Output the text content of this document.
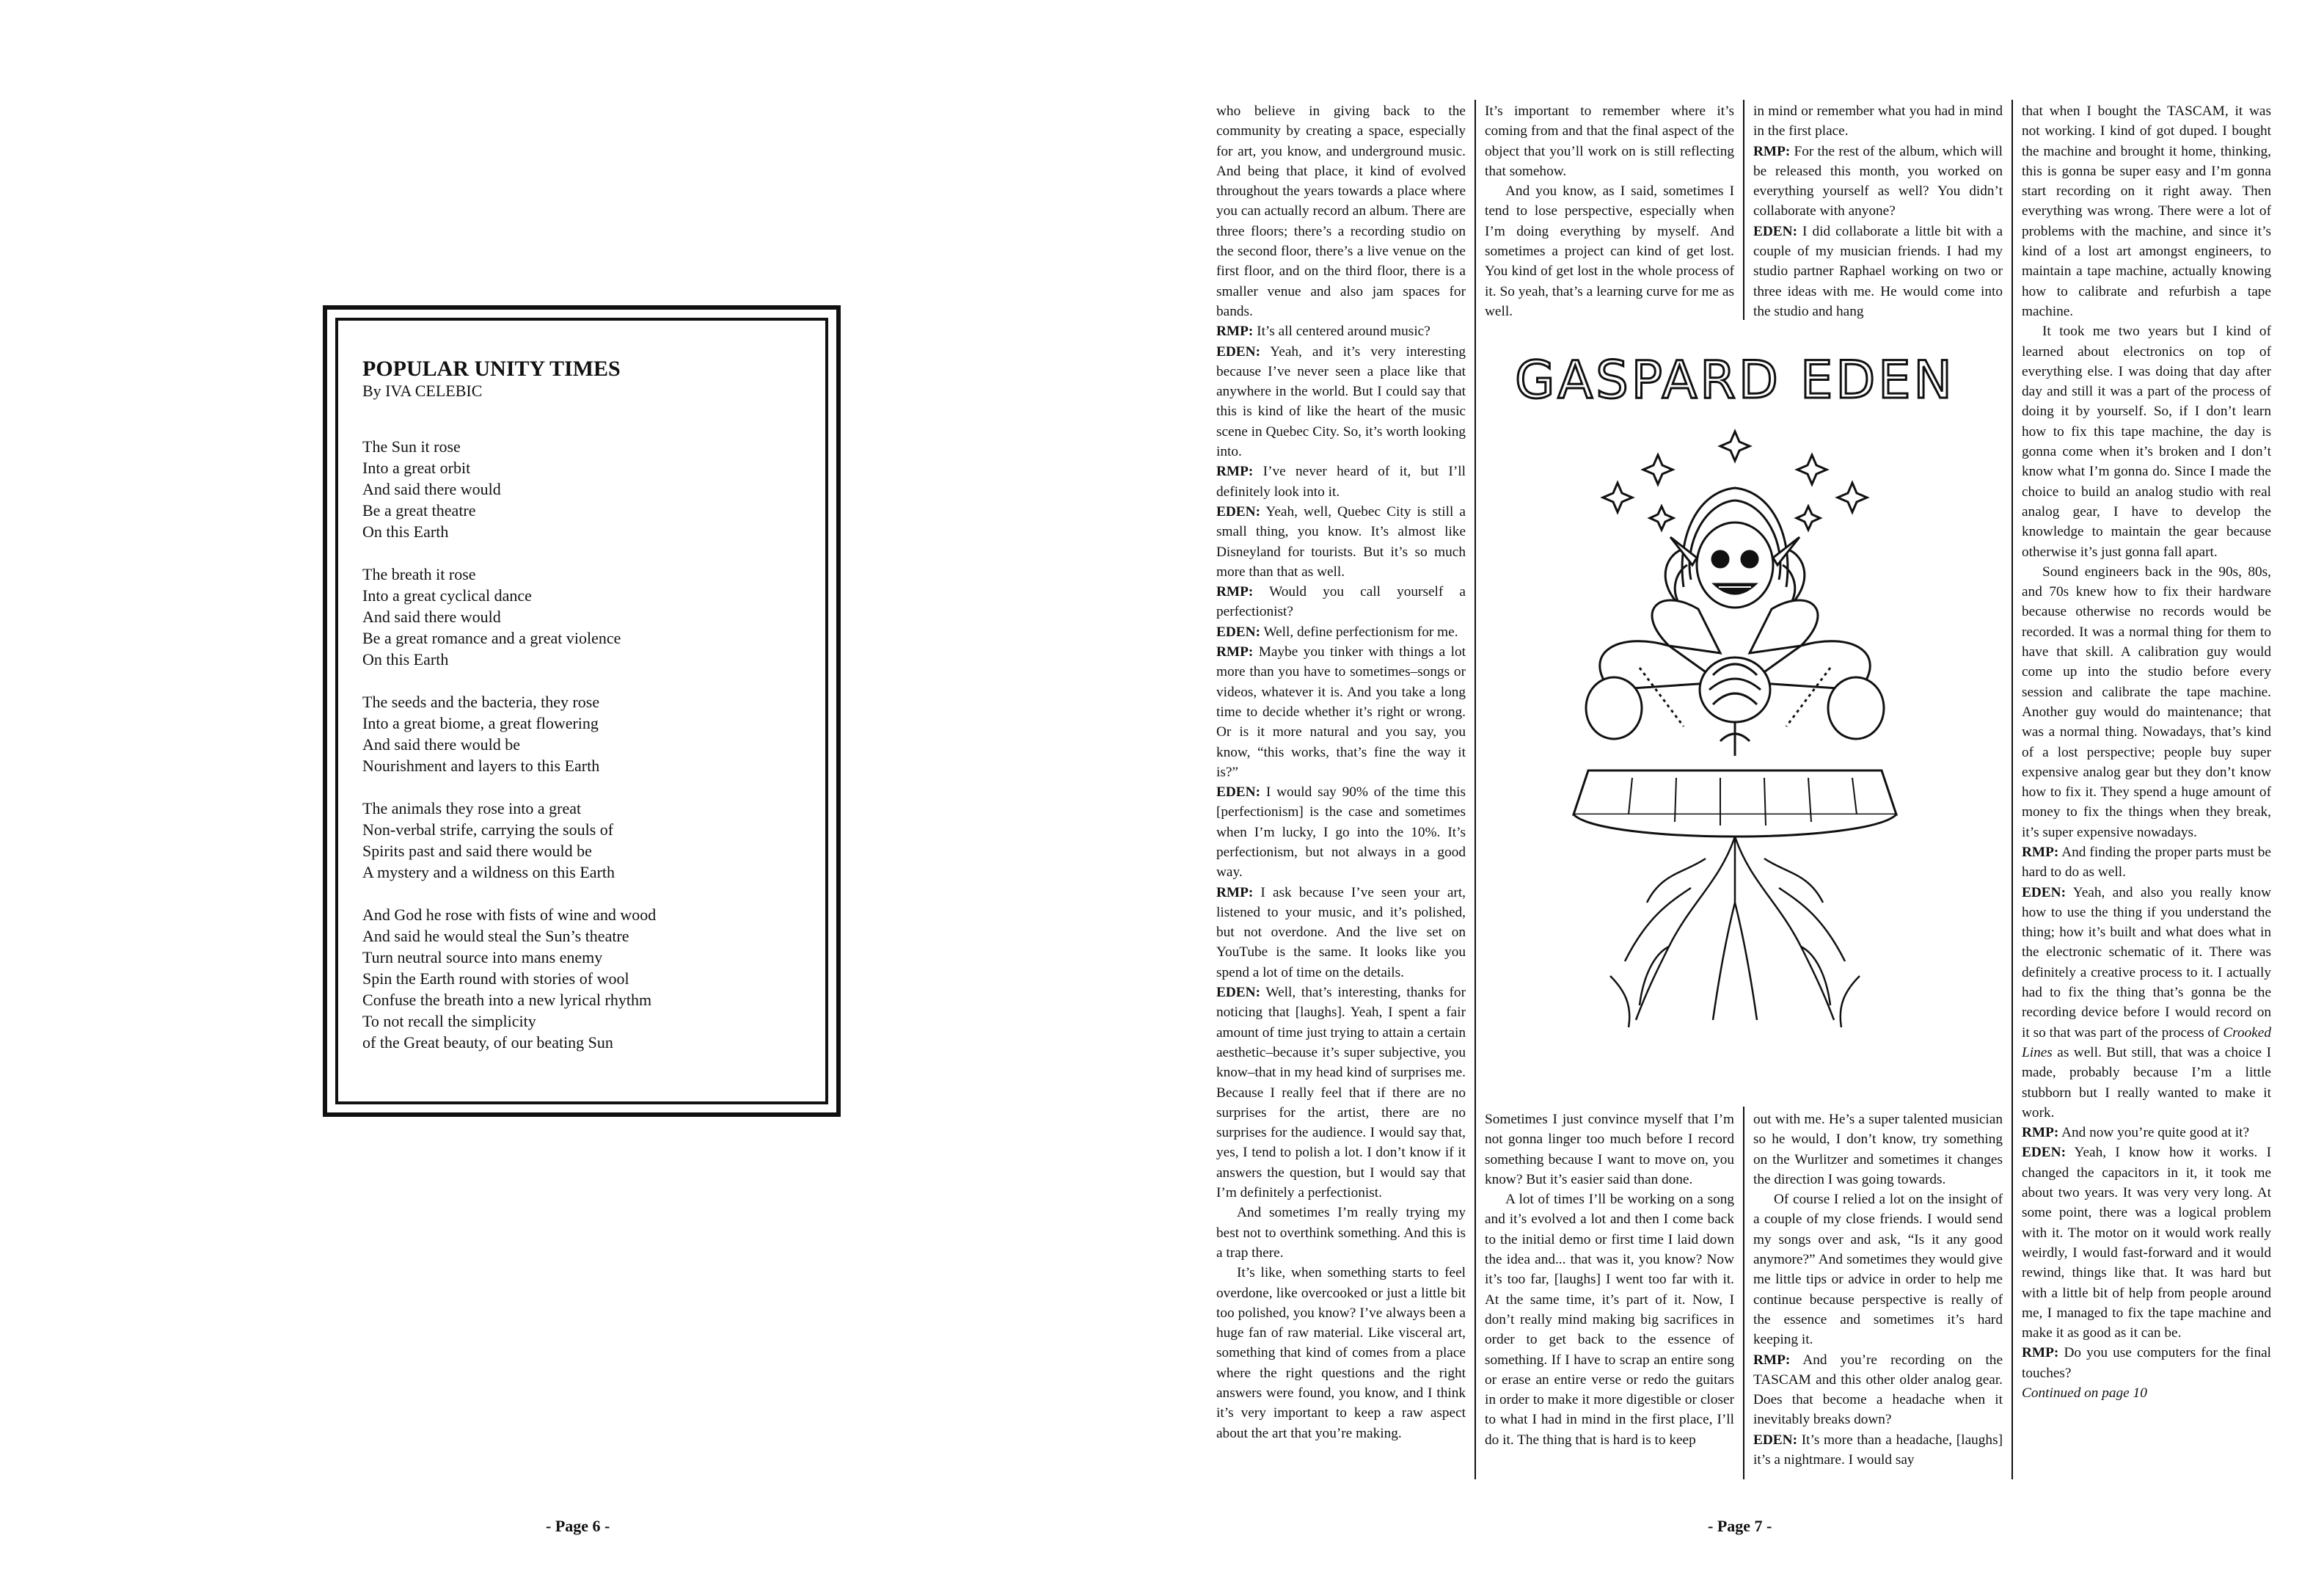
POPULAR UNITY TIMES
By IVA CELEBIC
The Sun it rose
Into a great orbit
And said there would
Be a great theatre
On this Earth
The breath it rose
Into a great cyclical dance
And said there would
Be a great romance and a great violence
On this Earth
The seeds and the bacteria, they rose
Into a great biome, a great flowering
And said there would be
Nourishment and layers to this Earth
The animals they rose into a great
Non-verbal strife, carrying the souls of
Spirits past and said there would be
A mystery and a wildness on this Earth
And God he rose with fists of wine and wood
And said he would steal the Sun’s theatre
Turn neutral source into mans enemy
Spin the Earth round with stories of wool
Confuse the breath into a new lyrical rhythm
To not recall the simplicity
of the Great beauty, of our beating Sun
- Page 6 -

who believe in giving back to the community by creating a space, especially for art, you know, and underground music. And being that place, it kind of evolved throughout the years towards a place where you can actually record an album. There are three floors; there’s a recording studio on the second floor, there’s a live venue on the first floor, and on the third floor, there is a smaller venue and also jam spaces for bands.

RMP: It’s all centered around music?

EDEN: Yeah, and it’s very interesting because I’ve never seen a place like that anywhere in the world. But I could say that this is kind of like the heart of the music scene in Quebec City. So, it’s worth looking into.

RMP: I’ve never heard of it, but I’ll definitely look into it.

EDEN: Yeah, well, Quebec City is still a small thing, you know. It’s almost like Disneyland for tourists. But it’s so much more than that as well.

RMP: Would you call yourself a perfectionist?

EDEN: Well, define perfectionism for me.

RMP: Maybe you tinker with things a lot more than you have to sometimes–songs or videos, whatever it is. And you take a long time to decide whether it’s right or wrong. Or is it more natural and you say, you know, “this works, that’s fine the way it is?”

EDEN: I would say 90% of the time this [perfectionism] is the case and sometimes when I’m lucky, I go into the 10%. It’s perfectionism, but not always in a good way.

RMP: I ask because I’ve seen your art, listened to your music, and it’s polished, but not overdone. And the live set on YouTube is the same. It looks like you spend a lot of time on the details.

EDEN: Well, that’s interesting, thanks for noticing that [laughs]. Yeah, I spent a fair amount of time just trying to attain a certain aesthetic–because it’s super subjective, you know–that in my head kind of surprises me. Because I really feel that if there are no surprises for the artist, there are no surprises for the audience. I would say that, yes, I tend to polish a lot. I don’t know if it answers the question, but I would say that I’m definitely a perfectionist.

And sometimes I’m really trying my best not to overthink something. And this is a trap there.

It’s like, when something starts to feel overdone, like overcooked or just a little bit too polished, you know? I’ve always been a huge fan of raw material. Like visceral art, something that kind of comes from a place where the right questions and the right answers were found, you know, and I think it’s very important to keep a raw aspect about the art that you’re making.

It’s important to remember where it’s coming from and that the final aspect of the object that you’ll work on is still reflecting that somehow.

And you know, as I said, sometimes I tend to lose perspective, especially when I’m doing everything by myself. And sometimes a project can kind of get lost. You kind of get lost in the whole process of it. So yeah, that’s a learning curve for me as well.

in mind or remember what you had in mind in the first place.

RMP: For the rest of the album, which will be released this month, you worked on everything yourself as well? You didn’t collaborate with anyone?

EDEN: I did collaborate a little bit with a couple of my musician friends. I had my studio partner Raphael working on two or three ideas with me. He would come into the studio and hang

Sometimes I just convince myself that I’m not gonna linger too much before I record something because I want to move on, you know? But it’s easier said than done.

A lot of times I’ll be working on a song and it’s evolved a lot and then I come back to the initial demo or first time I laid down the idea and... that was it, you know? Now it’s too far, [laughs] I went too far with it. At the same time, it’s part of it. Now, I don’t really mind making big sacrifices in order to get back to the essence of something. If I have to scrap an entire song or erase an entire verse or redo the guitars in order to make it more digestible or closer to what I had in mind in the first place, I’ll do it. The thing that is hard is to keep

out with me. He’s a super talented musician so he would, I don’t know, try something on the Wurlitzer and sometimes it changes the direction I was going towards.

Of course I relied a lot on the insight of a couple of my close friends. I would send my songs over and ask, “Is it any good anymore?” And sometimes they would give me little tips or advice in order to help me continue because perspective is really of the essence and sometimes it’s hard keeping it.

RMP: And you’re recording on the TASCAM and this other older analog gear. Does that become a headache when it inevitably breaks down?

EDEN: It’s more than a headache, [laughs] it’s a nightmare. I would say

that when I bought the TASCAM, it was not working. I kind of got duped. I bought the machine and brought it home, thinking, this is gonna be super easy and I’m gonna start recording on it right away. Then everything was wrong. There were a lot of problems with the machine, and since it’s kind of a lost art amongst engineers, to maintain a tape machine, actually knowing how to calibrate and refurbish a tape machine.

It took me two years but I kind of learned about electronics on top of everything else. I was doing that day after day and still it was a part of the process of doing it by yourself. So, if I don’t learn how to fix this tape machine, the day is gonna come when it’s broken and I don’t know what I’m gonna do. Since I made the choice to build an analog studio with real analog gear, I have to develop the knowledge to maintain the gear because otherwise it’s just gonna fall apart.

Sound engineers back in the 90s, 80s, and 70s knew how to fix their hardware because otherwise no records would be recorded. It was a normal thing for them to have that skill. A calibration guy would come up into the studio before every session and calibrate the tape machine. Another guy would do maintenance; that was a normal thing. Nowadays, that’s kind of a lost perspective; people buy super expensive analog gear but they don’t know how to fix it. They spend a huge amount of money to fix the things when they break, it’s super expensive nowadays.

RMP: And finding the proper parts must be hard to do as well.

EDEN: Yeah, and also you really know how to use the thing if you understand the thing; how it’s built and what does what in the electronic schematic of it. There was definitely a creative process to it. I actually had to fix the thing that’s gonna be the recording device before I would record on it so that was part of the process of Crooked Lines as well. But still, that was a choice I made, probably because I’m a little stubborn but I really wanted to make it work.

RMP: And now you’re quite good at it?

EDEN: Yeah, I know how it works. I changed the capacitors in it, it took me about two years. It was very very long. At some point, there was a logical problem with it. The motor on it would work really weirdly, I would fast-forward and it would rewind, things like that. It was hard but with a little bit of help from people around me, I managed to fix the tape machine and make it as good as it can be.

RMP: Do you use computers for the final touches?

Continued on page 10

GASPARD EDEN
- Page 7 -
